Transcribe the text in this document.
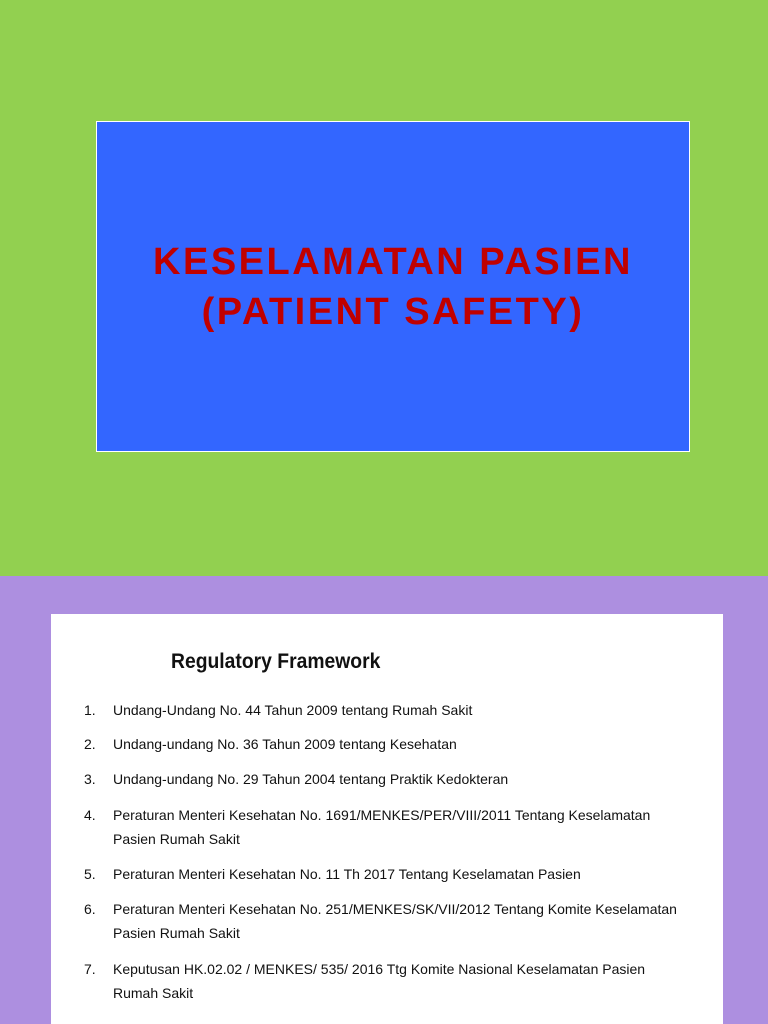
KESELAMATAN PASIEN
(PATIENT SAFETY)
Regulatory Framework
1. Undang-Undang No. 44 Tahun 2009 tentang Rumah Sakit
2. Undang-undang No. 36 Tahun 2009 tentang Kesehatan
3. Undang-undang No. 29 Tahun 2004 tentang Praktik Kedokteran
4. Peraturan Menteri Kesehatan No. 1691/MENKES/PER/VIII/2011 Tentang Keselamatan
Pasien Rumah Sakit
5. Peraturan Menteri Kesehatan No. 11 Th 2017 Tentang Keselamatan Pasien
6. Peraturan Menteri Kesehatan No. 251/MENKES/SK/VII/2012 Tentang Komite Keselamatan
Pasien Rumah Sakit
7. Keputusan HK.02.02 / MENKES/ 535/ 2016 Ttg Komite Nasional Keselamatan Pasien
Rumah Sakit
